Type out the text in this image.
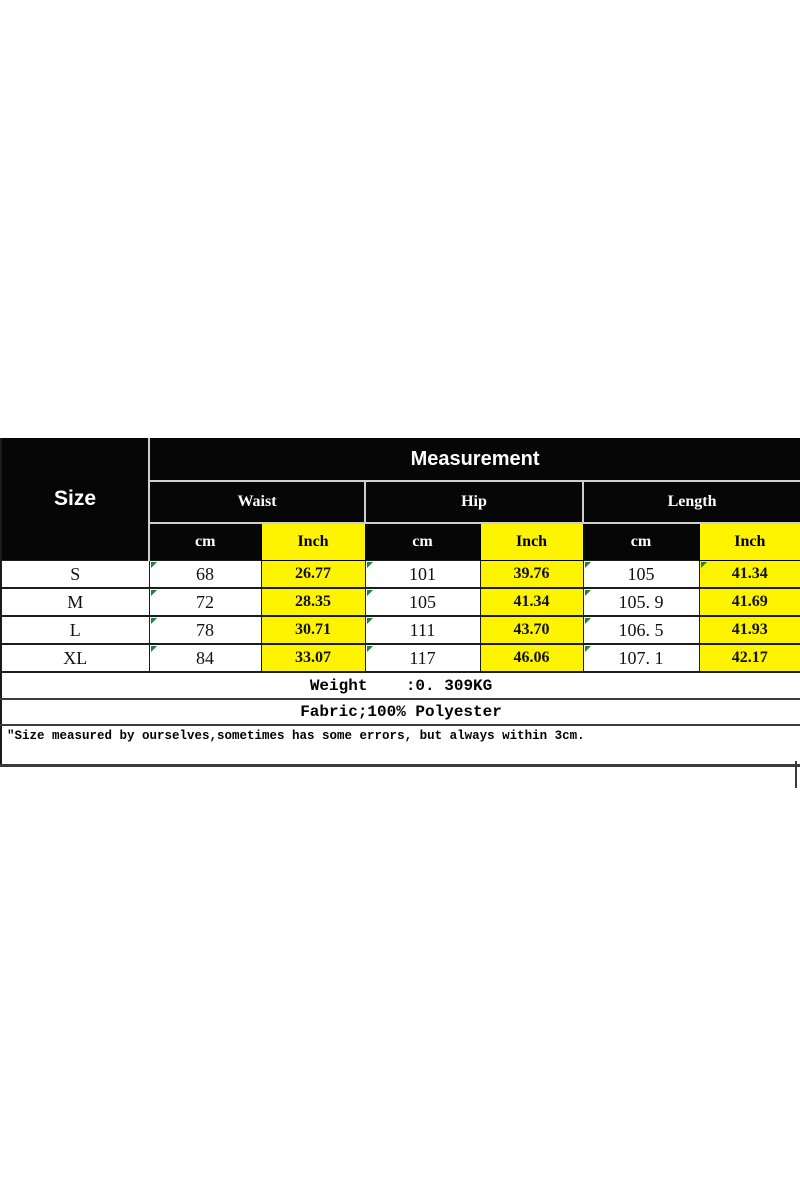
Size	Measurement					
	Waist		Hip		Length	
	cm	Inch	cm	Inch	cm	Inch
S	68	26.77	101	39.76	105	41.34
M	72	28.35	105	41.34	105. 9	41.69
L	78	30.71	111	43.70	106. 5	41.93
XL	84	33.07	117	46.06	107. 1	42.17
Weight    :0. 309KG						
Fabric;100% Polyester						
″Size measured by ourselves,sometimes has some errors, but always within 3cm.						
